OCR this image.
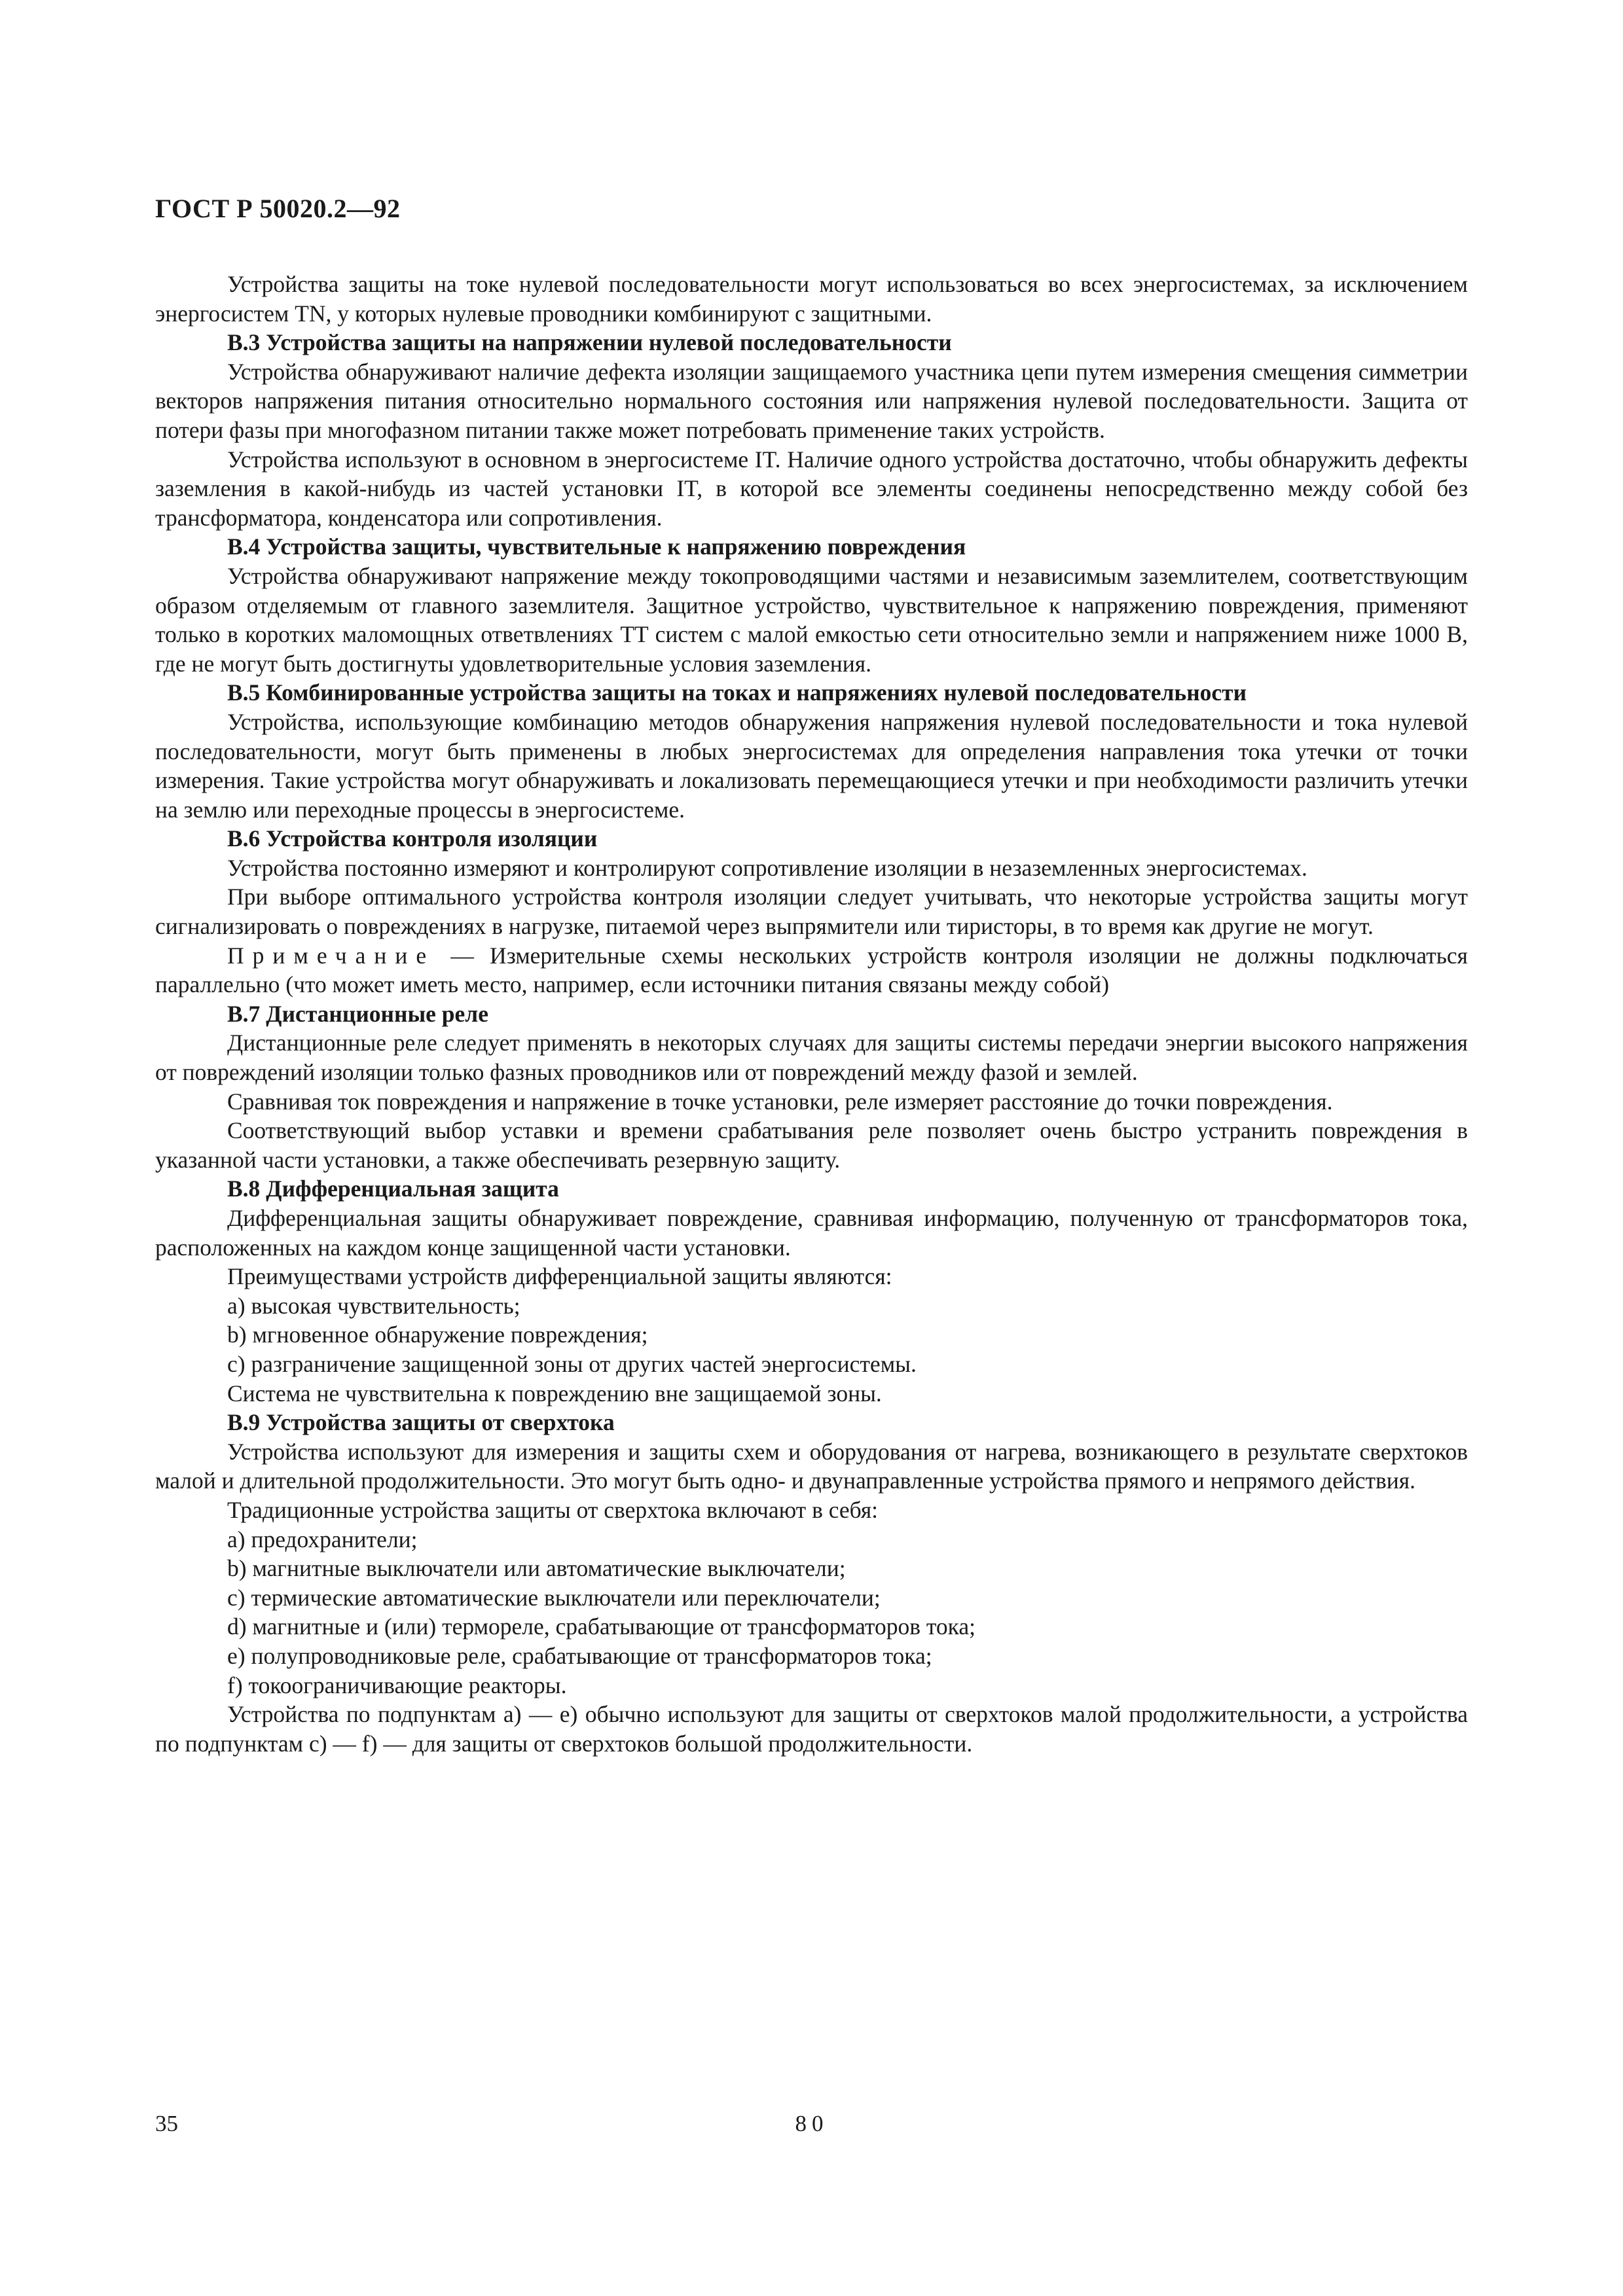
ГОСТ Р 50020.2—92

Устройства защиты на токе нулевой последовательности могут использоваться во всех энергосистемах, за исключением энергосистем TN, у которых нулевые проводники комбинируют с защитными.

В.3 Устройства защиты на напряжении нулевой последовательности

Устройства обнаруживают наличие дефекта изоляции защищаемого участника цепи путем измерения смещения симметрии векторов напряжения питания относительно нормального состояния или напряжения нулевой последовательности. Защита от потери фазы при многофазном питании также может потребовать применение таких устройств.

Устройства используют в основном в энергосистеме IT. Наличие одного устройства достаточно, чтобы обнаружить дефекты заземления в какой-нибудь из частей установки IT, в которой все элементы соединены непосредственно между собой без трансформатора, конденсатора или сопротивления.

В.4 Устройства защиты, чувствительные к напряжению повреждения

Устройства обнаруживают напряжение между токопроводящими частями и независимым заземлителем, соответствующим образом отделяемым от главного заземлителя. Защитное устройство, чувствительное к напряжению повреждения, применяют только в коротких маломощных ответвлениях TT систем с малой емкостью сети относительно земли и напряжением ниже 1000 В, где не могут быть достигнуты удовлетворительные условия заземления.

В.5 Комбинированные устройства защиты на токах и напряжениях нулевой последовательности

Устройства, использующие комбинацию методов обнаружения напряжения нулевой последовательности и тока нулевой последовательности, могут быть применены в любых энергосистемах для определения направления тока утечки от точки измерения. Такие устройства могут обнаруживать и локализовать перемещающиеся утечки и при необходимости различить утечки на землю или переходные процессы в энергосистеме.

В.6 Устройства контроля изоляции

Устройства постоянно измеряют и контролируют сопротивление изоляции в незаземленных энергосистемах.

При выборе оптимального устройства контроля изоляции следует учитывать, что некоторые устройства защиты могут сигнализировать о повреждениях в нагрузке, питаемой через выпрямители или тиристоры, в то время как другие не могут.

Примечание — Измерительные схемы нескольких устройств контроля изоляции не должны подключаться параллельно (что может иметь место, например, если источники питания связаны между собой)

В.7 Дистанционные реле

Дистанционные реле следует применять в некоторых случаях для защиты системы передачи энергии высокого напряжения от повреждений изоляции только фазных проводников или от повреждений между фазой и землей.

Сравнивая ток повреждения и напряжение в точке установки, реле измеряет расстояние до точки повреждения.

Соответствующий выбор уставки и времени срабатывания реле позволяет очень быстро устранить повреждения в указанной части установки, а также обеспечивать резервную защиту.

В.8 Дифференциальная защита

Дифференциальная защиты обнаруживает повреждение, сравнивая информацию, полученную от трансформаторов тока, расположенных на каждом конце защищенной части установки.

Преимуществами устройств дифференциальной защиты являются:

а) высокая чувствительность;

b) мгновенное обнаружение повреждения;

с) разграничение защищенной зоны от других частей энергосистемы.

Система не чувствительна к повреждению вне защищаемой зоны.

В.9 Устройства защиты от сверхтока

Устройства используют для измерения и защиты схем и оборудования от нагрева, возникающего в результате сверхтоков малой и длительной продолжительности. Это могут быть одно- и двунаправленные устройства прямого и непрямого действия.

Традиционные устройства защиты от сверхтока включают в себя:

а) предохранители;

b) магнитные выключатели или автоматические выключатели;

с) термические автоматические выключатели или переключатели;

d) магнитные и (или) термореле, срабатывающие от трансформаторов тока;

е) полупроводниковые реле, срабатывающие от трансформаторов тока;

f) токоограничивающие реакторы.

Устройства по подпунктам а) — е) обычно используют для защиты от сверхтоков малой продолжительности, а устройства по подпунктам с) — f) — для защиты от сверхтоков большой продолжительности.

35	80
